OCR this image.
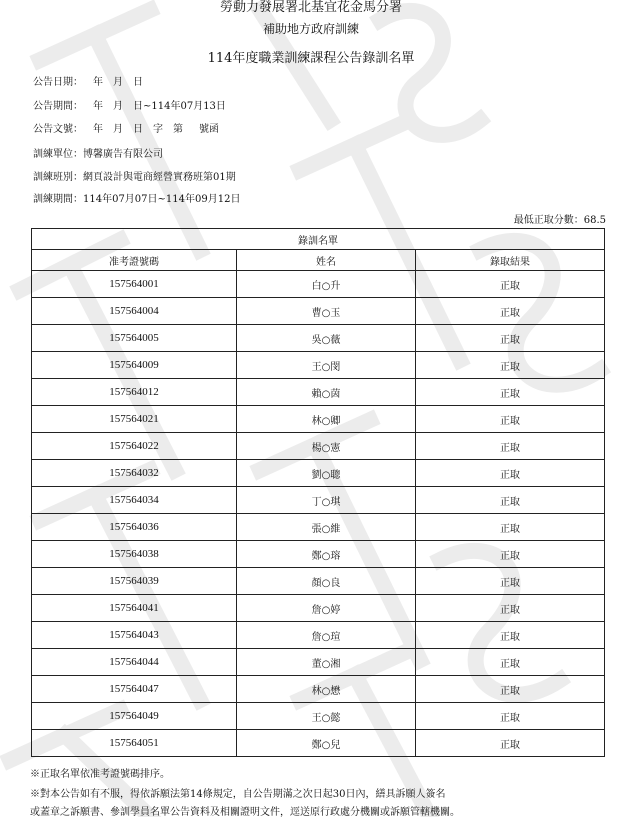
勞動力發展署北基宜花金馬分署
補助地方政府訓練
114年度職業訓練課程公告錄訓名單
公告日期： 年 月 日
公告期間： 年 月 日~114年07月13日
公告文號： 年 月 日 字 第 號函
訓練單位：博馨廣告有限公司
訓練班別：網頁設計與電商經營實務班第01期
訓練期間：114年07月07日~114年09月12日
最低正取分數：68.5
錄訓名單		
准考證號碼	姓名	錄取結果
157564001	白○升	正取
157564004	曹○玉	正取
157564005	吳○薇	正取
157564009	王○閔	正取
157564012	賴○茵	正取
157564021	林○卿	正取
157564022	楊○憲	正取
157564032	劉○聰	正取
157564034	丁○琪	正取
157564036	張○維	正取
157564038	鄭○瑢	正取
157564039	顏○良	正取
157564041	詹○婷	正取
157564043	詹○瑄	正取
157564044	董○湘	正取
157564047	林○懋	正取
157564049	王○懿	正取
157564051	鄭○兒	正取
※正取名單依准考證號碼排序。
※對本公告如有不服，得依訴願法第14條規定，自公告期滿之次日起30日內，繕具訴願人簽名
或蓋章之訴願書、參訓學員名單公告資料及相關證明文件，逕送原行政處分機關或訴願管轄機關。
